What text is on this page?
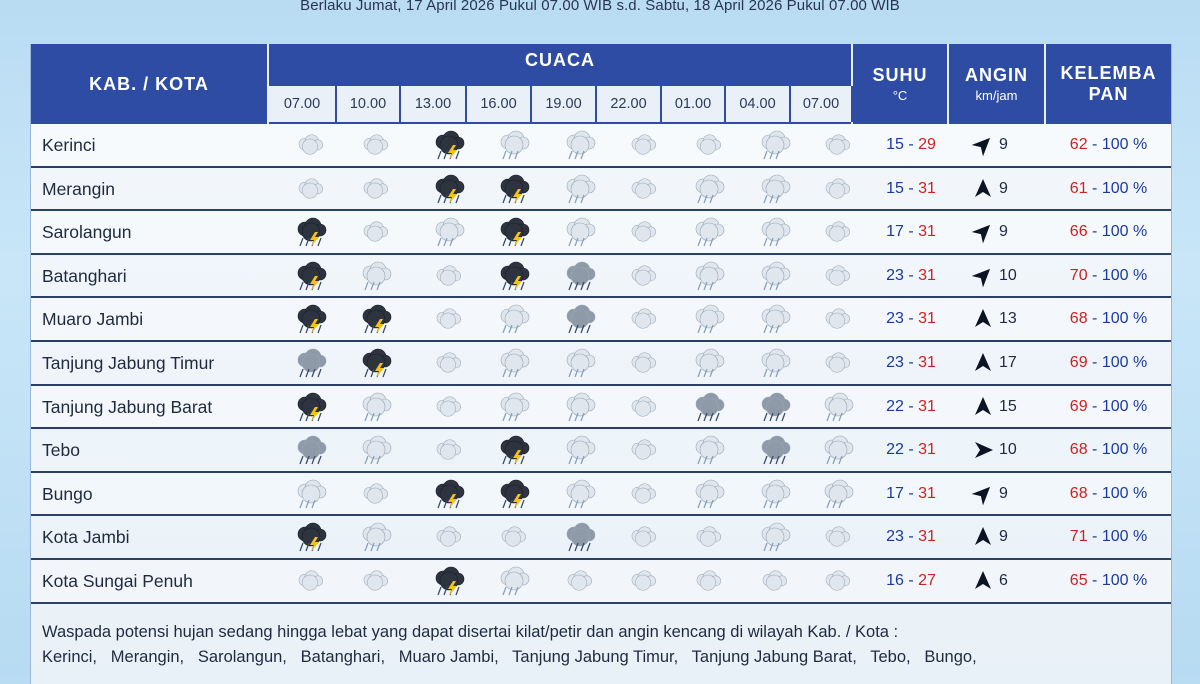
Berlaku Jumat, 17 April 2026 Pukul 07.00 WIB s.d. Sabtu, 18 April 2026 Pukul 07.00 WIB
KAB. / KOTA
CUACA
07.00	10.00	13.00	16.00	19.00	22.00	01.00	04.00	07.00
SUHU
°C
ANGIN
km/jam
KELEMBA
PAN
Kerinci	15 - 29	9	62 - 100 %
Merangin	15 - 31	9	61 - 100 %
Sarolangun	17 - 31	9	66 - 100 %
Batanghari	23 - 31	10	70 - 100 %
Muaro Jambi	23 - 31	13	68 - 100 %
Tanjung Jabung Timur	23 - 31	17	69 - 100 %
Tanjung Jabung Barat	22 - 31	15	69 - 100 %
Tebo	22 - 31	10	68 - 100 %
Bungo	17 - 31	9	68 - 100 %
Kota Jambi	23 - 31	9	71 - 100 %
Kota Sungai Penuh	16 - 27	6	65 - 100 %
Waspada potensi hujan sedang hingga lebat yang dapat disertai kilat/petir dan angin kencang di wilayah Kab. / Kota :
Kerinci,   Merangin,   Sarolangun,   Batanghari,   Muaro Jambi,   Tanjung Jabung Timur,   Tanjung Jabung Barat,   Tebo,   Bungo,
